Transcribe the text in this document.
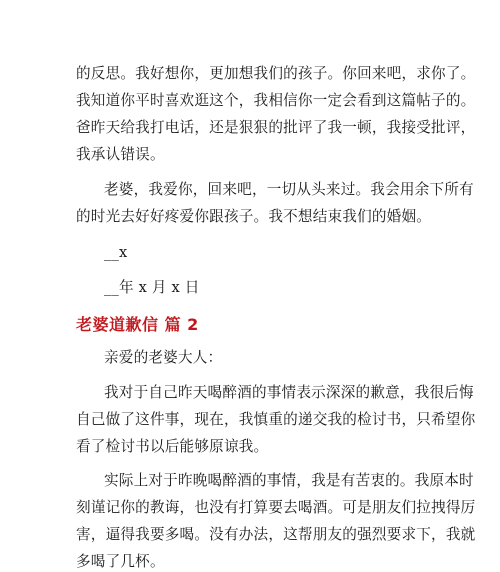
的反思。我好想你，更加想我们的孩子。你回来吧，求你了。
我知道你平时喜欢逛这个，我相信你一定会看到这篇帖子的。
爸昨天给我打电话，还是狠狠的批评了我一顿，我接受批评，
我承认错误。
老婆，我爱你，回来吧，一切从头来过。我会用余下所有
的时光去好好疼爱你跟孩子。我不想结束我们的婚姻。
__x
__年 x 月 x 日
老婆道歉信 篇 2
亲爱的老婆大人：
我对于自己昨天喝醉酒的事情表示深深的歉意，我很后悔
自己做了这件事，现在，我慎重的递交我的检讨书，只希望你
看了检讨书以后能够原谅我。
实际上对于昨晚喝醉酒的事情，我是有苦衷的。我原本时
刻谨记你的教诲，也没有打算要去喝酒。可是朋友们拉拽得厉
害，逼得我要多喝。没有办法，这帮朋友的强烈要求下，我就
多喝了几杯。
